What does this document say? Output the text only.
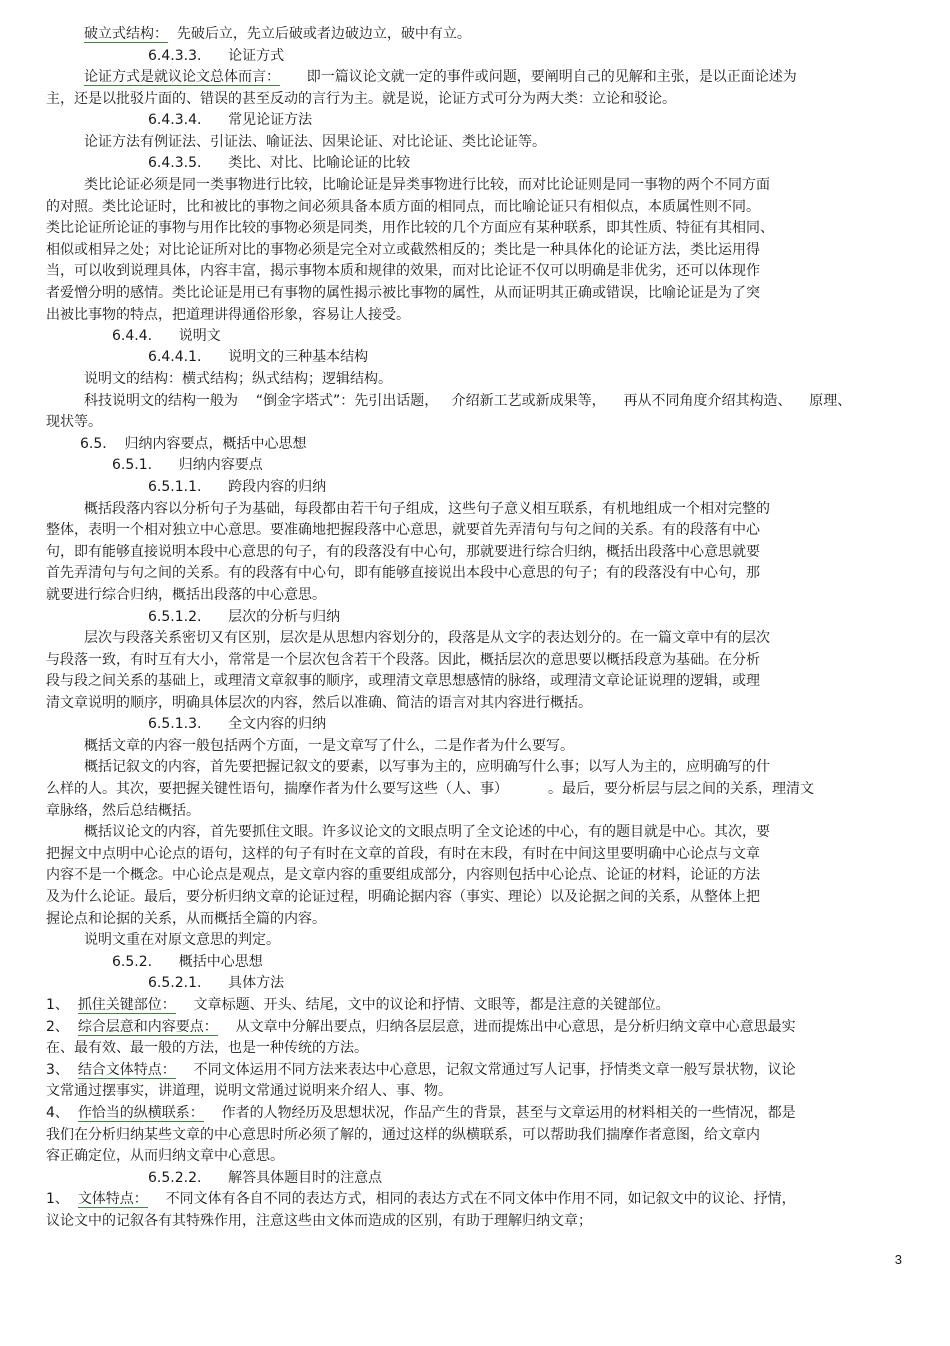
破立式结构：  先破后立，先立后破或者边破边立，破中有立。
6.4.3.3.      论证方式
论证方式是就议论文总体而言：      即一篇议论文就一定的事件或问题，要阐明自己的见解和主张，是以正面论述为
主，还是以批驳片面的、错误的甚至反动的言行为主。就是说，论证方式可分为两大类：立论和驳论。
6.4.3.4.      常见论证方法
论证方法有例证法、引证法、喻证法、因果论证、对比论证、类比论证等。
6.4.3.5.      类比、对比、比喻论证的比较
类比论证必须是同一类事物进行比较，比喻论证是异类事物进行比较，而对比论证则是同一事物的两个不同方面
的对照。类比论证时，比和被比的事物之间必须具备本质方面的相同点，而比喻论证只有相似点，本质属性则不同。
类比论证所论证的事物与用作比较的事物必须是同类，用作比较的几个方面应有某种联系，即其性质、特征有其相同、
相似或相异之处；对比论证所对比的事物必须是完全对立或截然相反的；类比是一种具体化的论证方法，类比运用得
当，可以收到说理具体，内容丰富，揭示事物本质和规律的效果，而对比论证不仅可以明确是非优劣，还可以体现作
者爱憎分明的感情。类比论证是用已有事物的属性揭示被比事物的属性，从而证明其正确或错误，比喻论证是为了突
出被比事物的特点，把道理讲得通俗形象，容易让人接受。
6.4.4.      说明文
6.4.4.1.      说明文的三种基本结构
说明文的结构：横式结构；纵式结构；逻辑结构。
科技说明文的结构一般为    “倒金字塔式”：先引出话题，   介绍新工艺或新成果等，    再从不同角度介绍其构造、    原理、
现状等。
6.5.    归纳内容要点，概括中心思想
6.5.1.      归纳内容要点
6.5.1.1.      跨段内容的归纳
概括段落内容以分析句子为基础，每段都由若干句子组成，这些句子意义相互联系，有机地组成一个相对完整的
整体，表明一个相对独立中心意思。要准确地把握段落中心意思，就要首先弄清句与句之间的关系。有的段落有中心
句，即有能够直接说明本段中心意思的句子，有的段落没有中心句，那就要进行综合归纳，概括出段落中心意思就要
首先弄清句与句之间的关系。有的段落有中心句，即有能够直接说出本段中心意思的句子；有的段落没有中心句，那
就要进行综合归纳，概括出段落的中心意思。
6.5.1.2.      层次的分析与归纳
层次与段落关系密切又有区别，层次是从思想内容划分的，段落是从文字的表达划分的。在一篇文章中有的层次
与段落一致，有时互有大小，常常是一个层次包含若干个段落。因此，概括层次的意思要以概括段意为基础。在分析
段与段之间关系的基础上，或理清文章叙事的顺序，或理清文章思想感情的脉络，或理清文章论证说理的逻辑，或理
清文章说明的顺序，明确具体层次的内容，然后以准确、简洁的语言对其内容进行概括。
6.5.1.3.      全文内容的归纳
概括文章的内容一般包括两个方面，一是文章写了什么，二是作者为什么要写。
概括记叙文的内容，首先要把握记叙文的要素，以写事为主的，应明确写什么事；以写人为主的，应明确写的什
么样的人。其次，要把握关键性语句，揣摩作者为什么要写这些（人、事）         。最后，要分析层与层之间的关系，理清文
章脉络，然后总结概括。
概括议论文的内容，首先要抓住文眼。许多议论文的文眼点明了全文论述的中心，有的题目就是中心。其次，要
把握文中点明中心论点的语句，这样的句子有时在文章的首段，有时在末段，有时在中间这里要明确中心论点与文章
内容不是一个概念。中心论点是观点，是文章内容的重要组成部分，内容则包括中心论点、论证的材料，论证的方法
及为什么论证。最后，要分析归纳文章的论证过程，明确论据内容（事实、理论）以及论据之间的关系，从整体上把
握论点和论据的关系，从而概括全篇的内容。
说明文重在对原文意思的判定。
6.5.2.      概括中心思想
6.5.2.1.      具体方法
1、  抓住关键部位：    文章标题、开头、结尾，文中的议论和抒情、文眼等，都是注意的关键部位。
2、  综合层意和内容要点：    从文章中分解出要点，归纳各层层意，进而提炼出中心意思，是分析归纳文章中心意思最实
在、最有效、最一般的方法，也是一种传统的方法。
3、  结合文体特点：    不同文体运用不同方法来表达中心意思，记叙文常通过写人记事，抒情类文章一般写景状物，议论
文常通过摆事实，讲道理，说明文常通过说明来介绍人、事、物。
4、  作恰当的纵横联系：    作者的人物经历及思想状况，作品产生的背景，甚至与文章运用的材料相关的一些情况，都是
我们在分析归纳某些文章的中心意思时所必须了解的，通过这样的纵横联系，可以帮助我们揣摩作者意图，给文章内
容正确定位，从而归纳文章中心意思。
6.5.2.2.      解答具体题目时的注意点
1、  文体特点：    不同文体有各自不同的表达方式，相同的表达方式在不同文体中作用不同，如记叙文中的议论、抒情，
议论文中的记叙各有其特殊作用，注意这些由文体而造成的区别，有助于理解归纳文章；
3
